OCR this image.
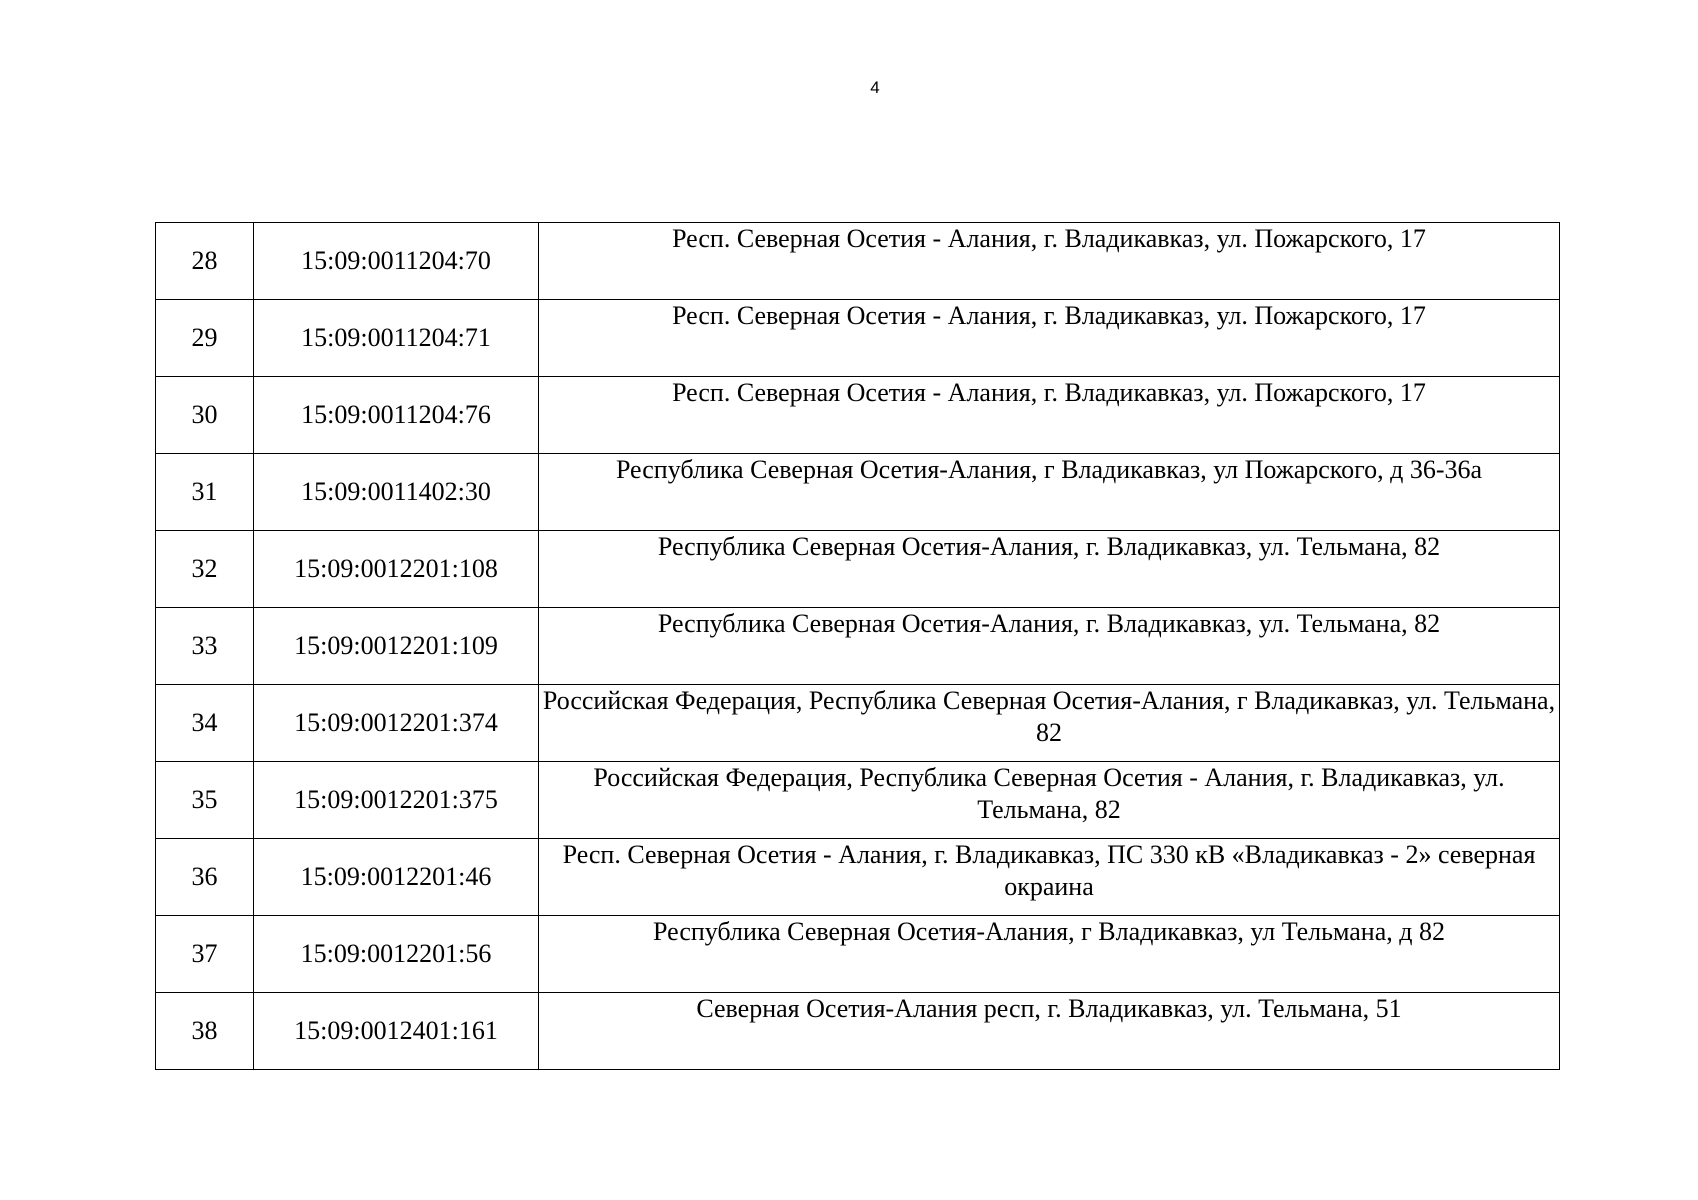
4
28	15:09:0011204:70	Респ. Северная Осетия - Алания, г. Владикавказ, ул. Пожарского, 17
29	15:09:0011204:71	Респ. Северная Осетия - Алания, г. Владикавказ, ул. Пожарского, 17
30	15:09:0011204:76	Респ. Северная Осетия - Алания, г. Владикавказ, ул. Пожарского, 17
31	15:09:0011402:30	Республика Северная Осетия-Алания, г Владикавказ, ул Пожарского, д 36-36а
32	15:09:0012201:108	Республика Северная Осетия-Алания, г. Владикавказ, ул. Тельмана, 82
33	15:09:0012201:109	Республика Северная Осетия-Алания, г. Владикавказ, ул. Тельмана, 82
34	15:09:0012201:374	Российская Федерация, Республика Северная Осетия-Алания, г Владикавказ, ул. Тельмана, 82
35	15:09:0012201:375	Российская Федерация, Республика Северная Осетия - Алания, г. Владикавказ, ул. Тельмана, 82
36	15:09:0012201:46	Респ. Северная Осетия - Алания, г. Владикавказ, ПС 330 кВ «Владикавказ - 2» северная окраина
37	15:09:0012201:56	Республика Северная Осетия-Алания, г Владикавказ, ул Тельмана, д 82
38	15:09:0012401:161	Северная Осетия-Алания респ, г. Владикавказ, ул. Тельмана, 51
